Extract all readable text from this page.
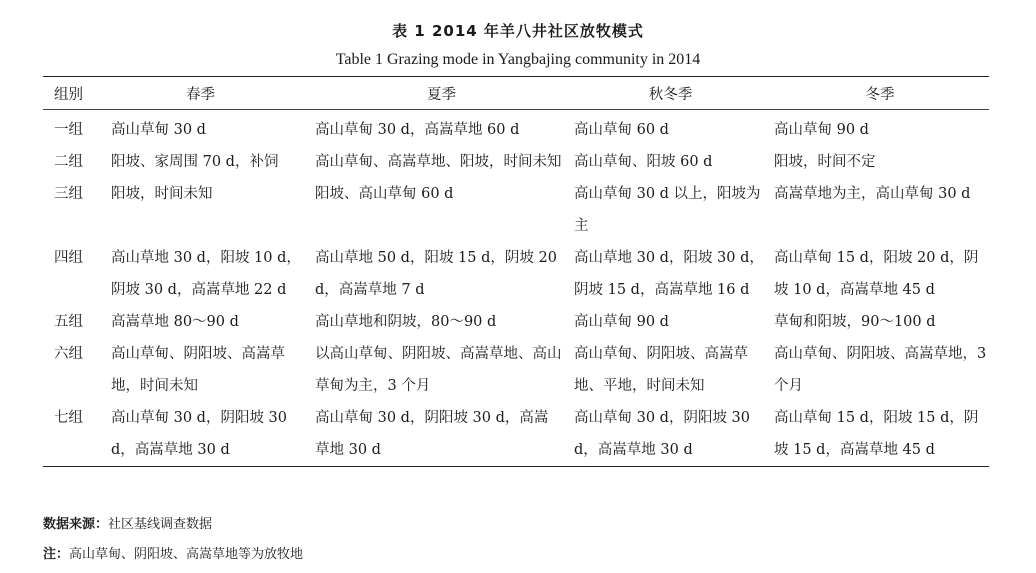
表 1 2014 年羊八井社区放牧模式
Table 1 Grazing mode in Yangbajing community in 2014
组别	春季	夏季	秋冬季	冬季
一组	高山草甸 30 d	高山草甸 30 d，高嵩草地 60 d	高山草甸 60 d	高山草甸 90 d
二组	阳坡、家周围 70 d，补饲	高山草甸、高嵩草地、阳坡，时间未知	高山草甸、阳坡 60 d	阳坡，时间不定
三组	阳坡，时间未知	阳坡、高山草甸 60 d	高山草甸 30 d 以上，阳坡为主	高嵩草地为主，高山草甸 30 d
四组	高山草地 30 d，阳坡 10 d，阴坡 30 d，高嵩草地 22 d	高山草地 50 d，阳坡 15 d，阴坡 20 d，高嵩草地 7 d	高山草地 30 d，阳坡 30 d，阴坡 15 d，高嵩草地 16 d	高山草甸 15 d，阳坡 20 d，阴坡 10 d，高嵩草地 45 d
五组	高嵩草地 80～90 d	高山草地和阴坡，80～90 d	高山草甸 90 d	草甸和阳坡，90～100 d
六组	高山草甸、阴阳坡、高嵩草地，时间未知	以高山草甸、阴阳坡、高嵩草地、高山草甸为主，3 个月	高山草甸、阴阳坡、高嵩草地、平地，时间未知	高山草甸、阴阳坡、高嵩草地，3 个月
七组	高山草甸 30 d，阴阳坡 30 d，高嵩草地 30 d	高山草甸 30 d，阴阳坡 30 d，高嵩草地 30 d	高山草甸 30 d，阴阳坡 30 d，高嵩草地 30 d	高山草甸 15 d，阳坡 15 d，阴坡 15 d，高嵩草地 45 d
数据来源：社区基线调查数据
注：高山草甸、阴阳坡、高嵩草地等为放牧地
